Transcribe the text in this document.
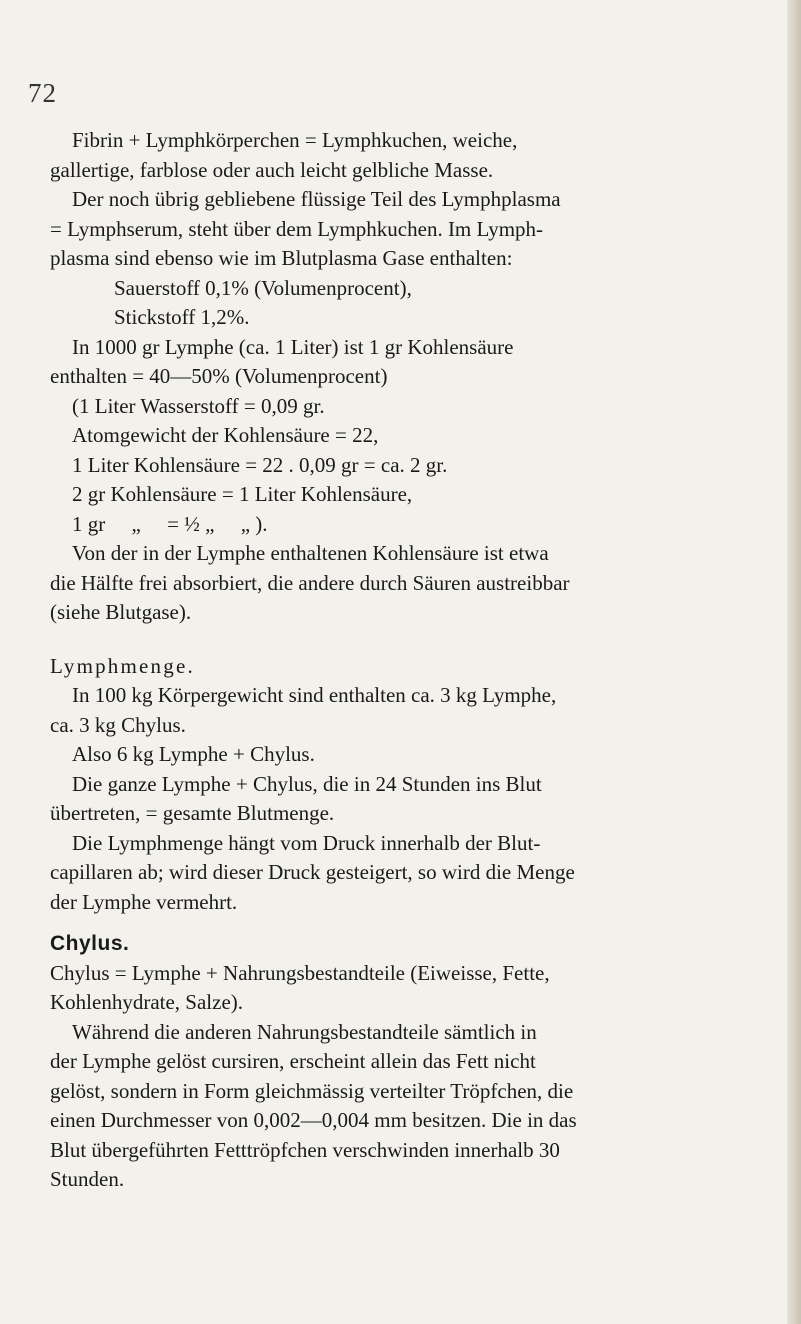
72

Fibrin + Lymphkörperchen = Lymphkuchen, weiche,

gallertige, farblose oder auch leicht gelbliche Masse.

Der noch übrig gebliebene flüssige Teil des Lymphplasma

= Lymphserum, steht über dem Lymphkuchen. Im Lymph-

plasma sind ebenso wie im Blutplasma Gase enthalten:

Sauerstoff 0,1% (Volumenprocent),

Stickstoff 1,2%.

In 1000 gr Lymphe (ca. 1 Liter) ist 1 gr Kohlensäure

enthalten = 40—50% (Volumenprocent)

(1 Liter Wasserstoff = 0,09 gr.

Atomgewicht der Kohlensäure = 22,

1 Liter Kohlensäure = 22 . 0,09 gr = ca. 2 gr.

2 gr Kohlensäure = 1 Liter Kohlensäure,

1 gr     „     = ½ „     „ ).

Von der in der Lymphe enthaltenen Kohlensäure ist etwa

die Hälfte frei absorbiert, die andere durch Säuren austreibbar

(siehe Blutgase).

Lymphmenge.

In 100 kg Körpergewicht sind enthalten ca. 3 kg Lymphe,

ca. 3 kg Chylus.

Also 6 kg Lymphe + Chylus.

Die ganze Lymphe + Chylus, die in 24 Stunden ins Blut

übertreten, = gesamte Blutmenge.

Die Lymphmenge hängt vom Druck innerhalb der Blut-

capillaren ab; wird dieser Druck gesteigert, so wird die Menge

der Lymphe vermehrt.

Chylus.

Chylus = Lymphe + Nahrungsbestandteile (Eiweisse, Fette,

Kohlenhydrate, Salze).

Während die anderen Nahrungsbestandteile sämtlich in

der Lymphe gelöst cursiren, erscheint allein das Fett nicht

gelöst, sondern in Form gleichmässig verteilter Tröpfchen, die

einen Durchmesser von 0,002—0,004 mm besitzen. Die in das

Blut übergeführten Fetttröpfchen verschwinden innerhalb 30

Stunden.
